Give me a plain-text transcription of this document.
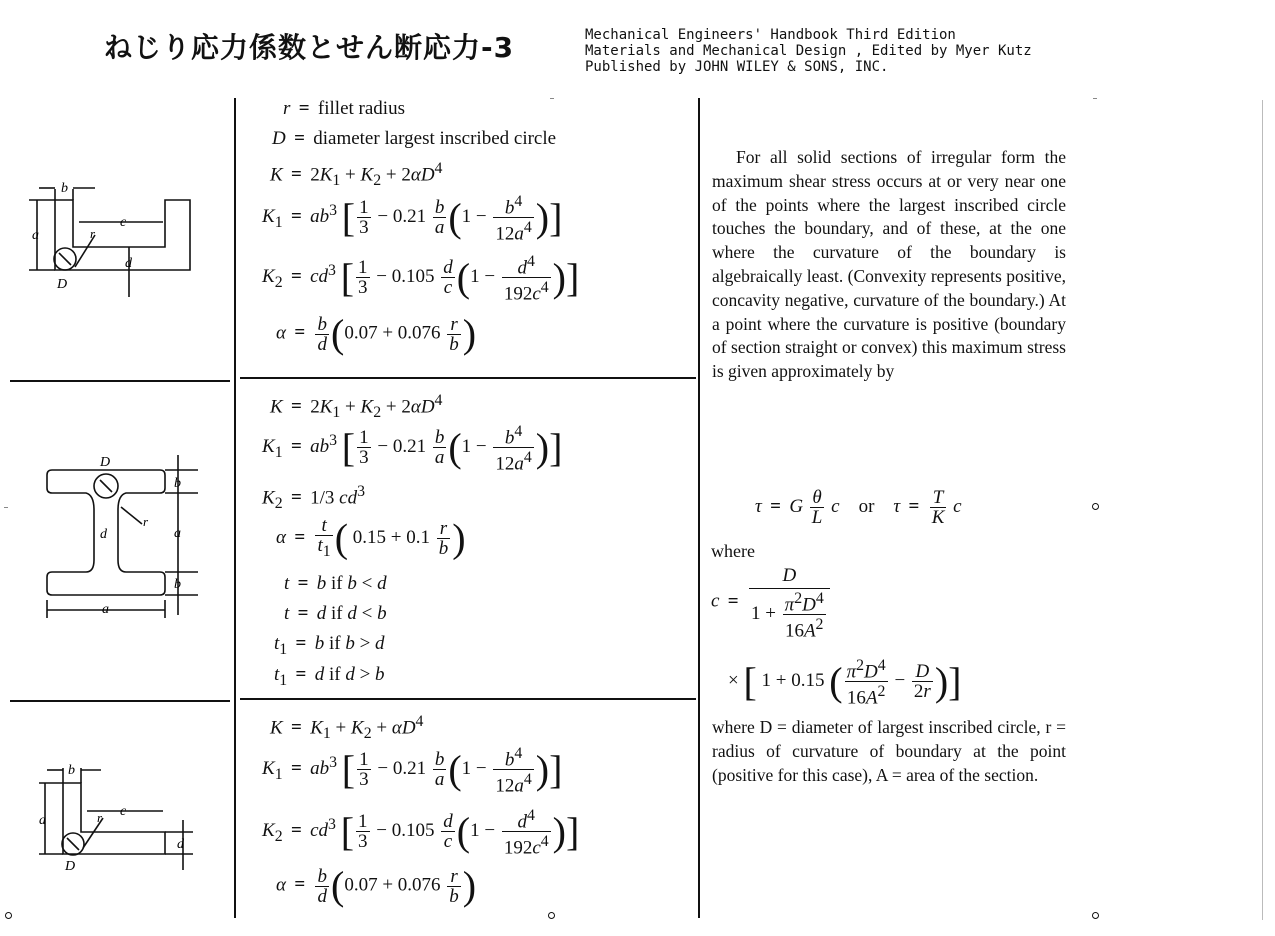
ねじり応力係数とせん断応力-3	Mechanical Engineers' Handbook Third Edition
Materials and Mechanical Design , Edited by Myer Kutz
Published by JOHN WILEY & SONS, INC.
b
a
c
r
d
D
D
b
r
d	a
b
a
b
a
c
r
d
D
r = fillet radius
D = diameter largest inscribed circle
$K = 2K_1 + K_2 + 2\alpha D^4$
$K_1 = ab^3$ [ $\frac{1}{3} - 0.21 \frac{b}{a} (1 - \frac{b^4}{12a^4}$ )]
$K_2 = cd^3$ [ $\frac{1}{3} - 0.105 \frac{d}{c} (1 - \frac{d^4}{192c^4}$ )]
$\alpha = \frac{b}{d} (0.07 + 0.076 \frac{r}{b}$ )
$K = 2K_1 + K_2 + 2\alpha D^4$
$K_1 = ab^3$ [ $\frac{1}{3} - 0.21 \frac{b}{a} (1 - \frac{b^4}{12a^4}$ )]
$K_2 = 1/3$ $cd^3$
$\alpha = \frac{t}{t_1}$ ( $0.15 + 0.1 \frac{r}{b}$ )
t = b if b < d
t = d if d < b
$t_1 = b$ if b > d
$t_1 = d$ if d > b
$K = K_1 + K_2 + \alpha D^4$
$K_1 = ab^3$ [ $\frac{1}{3} - 0.21 \frac{b}{a} (1 - \frac{b^4}{12a^4}$ )]
$K_2 = cd^3$ [ $\frac{1}{3} - 0.105 \frac{d}{c} (1 - \frac{d^4}{192c^4}$ )]
$\alpha = \frac{b}{d} (0.07 + 0.076 \frac{r}{b}$ )

For all solid sections of irregular form the maximum shear stress occurs at or very near one of the points where the largest inscribed circle touches the boundary, and of these, at the one where the curvature of the boundary is algebraically least. (Convexity represents positive, concavity negative, curvature of the boundary.) At a point where the curvature is positive (boundary of section straight or convex) this maximum stress is given approximately by

τ = G $\frac{\theta}{L}$ c or $\tau = \frac{T}{K}$ c
where
$c = \frac{D}{1 + \frac{\pi^2D^4}{16A^2}}$
× [ 1 + 0.15 ( $\frac{\pi^2D^4}{16A^2} - \frac{D}{2r}$ )]

where D = diameter of largest inscribed circle, r = radius of curvature of boundary at the point (positive for this case), A = area of the section.
